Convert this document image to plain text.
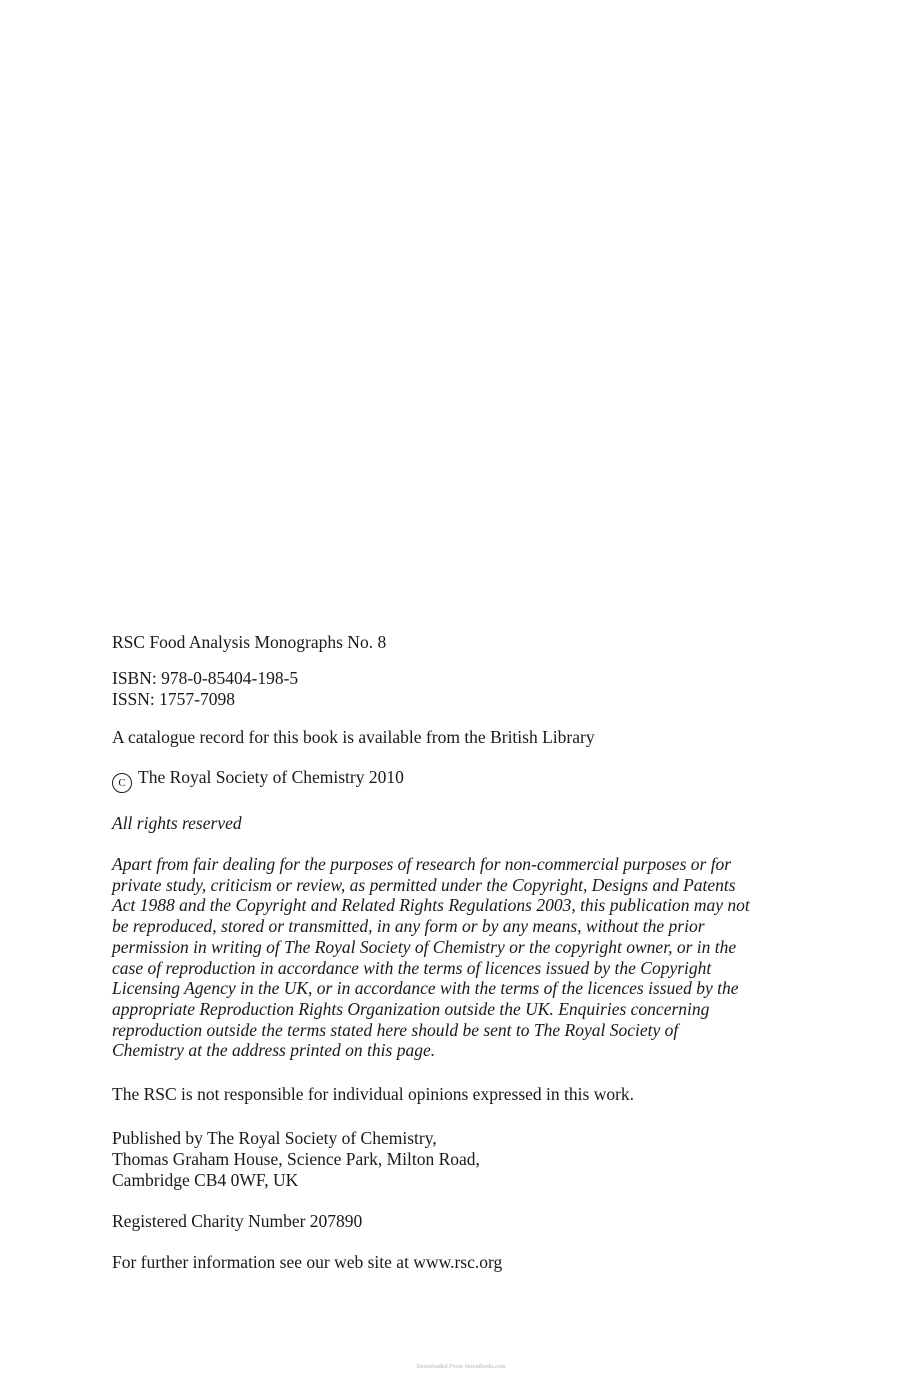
RSC Food Analysis Monographs No. 8
ISBN: 978-0-85404-198-5
ISSN: 1757-7098
A catalogue record for this book is available from the British Library
C The Royal Society of Chemistry 2010
All rights reserved
Apart from fair dealing for the purposes of research for non-commercial purposes or for
private study, criticism or review, as permitted under the Copyright, Designs and Patents
Act 1988 and the Copyright and Related Rights Regulations 2003, this publication may not
be reproduced, stored or transmitted, in any form or by any means, without the prior
permission in writing of The Royal Society of Chemistry or the copyright owner, or in the
case of reproduction in accordance with the terms of licences issued by the Copyright
Licensing Agency in the UK, or in accordance with the terms of the licences issued by the
appropriate Reproduction Rights Organization outside the UK. Enquiries concerning
reproduction outside the terms stated here should be sent to The Royal Society of
Chemistry at the address printed on this page.
The RSC is not responsible for individual opinions expressed in this work.
Published by The Royal Society of Chemistry,
Thomas Graham House, Science Park, Milton Road,
Cambridge CB4 0WF, UK
Registered Charity Number 207890
For further information see our web site at www.rsc.org
Downloaded From VeeraBooks.com
